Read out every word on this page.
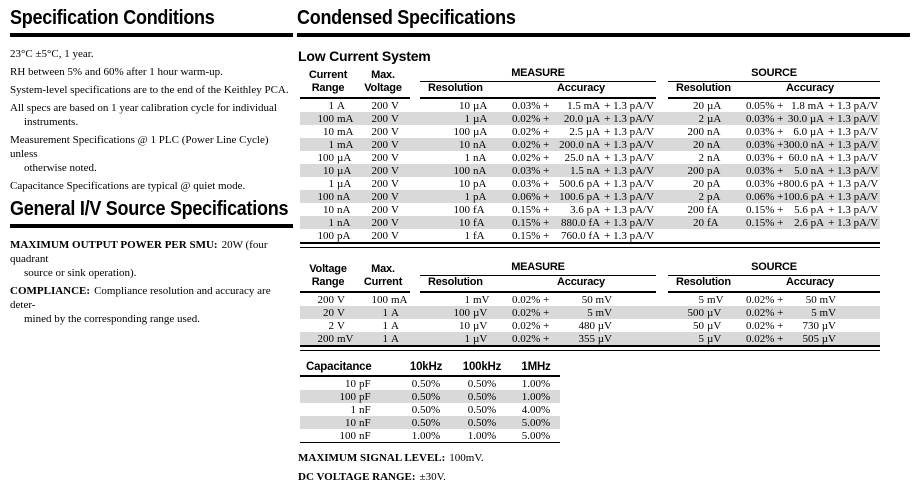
Specification Conditions
23°C ±5°C, 1 year.
RH between 5% and 60% after 1 hour warm-up.
System-level specifications are to the end of the Keithley PCA.
All specs are based on 1 year calibration cycle for individual
instruments.
Measurement Specifications @ 1 PLC (Power Line Cycle) unless
otherwise noted.
Capacitance Specifications are typical @ quiet mode.
General I/V Source Specifications
MAXIMUM OUTPUT POWER PER SMU: 20W (four quadrant
source or sink operation).
COMPLIANCE: Compliance resolution and accuracy are deter-
mined by the corresponding range used.
Condensed Specifications
Low Current System
Current	Max.		MEASURE			SOURCE	
Range	Voltage		Resolution	Accuracy		Resolution	Accuracy

1 A	200 V		10 µA	0.03% + 1.5 mA + 1.3 pA/V		20 µA	0.05% + 1.8 mA + 1.3 pA/V

100 mA	200 V		1 µA	0.02% + 20.0 µA + 1.3 pA/V		2 µA	0.03% + 30.0 µA + 1.3 pA/V

10 mA	200 V		100 µA	0.02% + 2.5 µA + 1.3 pA/V		200 nA	0.03% + 6.0 µA + 1.3 pA/V

1 mA	200 V		10 nA	0.02% + 200.0 nA + 1.3 pA/V		20 nA	0.03% + 300.0 nA + 1.3 pA/V

100 µA	200 V		1 nA	0.02% + 25.0 nA + 1.3 pA/V		2 nA	0.03% + 60.0 nA + 1.3 pA/V

10 µA	200 V		100 nA	0.03% + 1.5 nA + 1.3 pA/V		200 pA	0.03% + 5.0 nA + 1.3 pA/V

1 µA	200 V		10 pA	0.03% + 500.6 pA + 1.3 pA/V		20 pA	0.03% + 800.6 pA + 1.3 pA/V

100 nA	200 V		1 pA	0.06% + 100.6 pA + 1.3 pA/V		2 pA	0.06% + 100.6 pA + 1.3 pA/V

10 nA	200 V		100 fA	0.15% + 3.6 pA + 1.3 pA/V		200 fA	0.15% + 5.6 pA + 1.3 pA/V

1 nA	200 V		10 fA	0.15% + 880.0 fA + 1.3 pA/V		20 fA	0.15% + 2.6 pA + 1.3 pA/V

100 pA	200 V		1 fA	0.15% + 760.0 fA + 1.3 pA/V			

Voltage	Max.		MEASURE			SOURCE	
Range	Current		Resolution	Accuracy		Resolution	Accuracy

200 V	100 mA		1 mV	0.02% + 50 mV		5 mV	0.02% + 50 mV

20 V	1 A		100 µV	0.02% + 5 mV		500 µV	0.02% + 5 mV

2 V	1 A		10 µV	0.02% + 480 µV		50 µV	0.02% + 730 µV

200 mV	1 A		1 µV	0.02% + 355 µV		5 µV	0.02% + 505 µV
Capacitance	10kHz	100kHz	1MHz

10 pF	0.50%	0.50%	1.00%

100 pF	0.50%	0.50%	1.00%

1 nF	0.50%	0.50%	4.00%

10 nF	0.50%	0.50%	5.00%

100 nF	1.00%	1.00%	5.00%
MAXIMUM SIGNAL LEVEL: 100mV.
DC VOLTAGE RANGE: ±30V.
